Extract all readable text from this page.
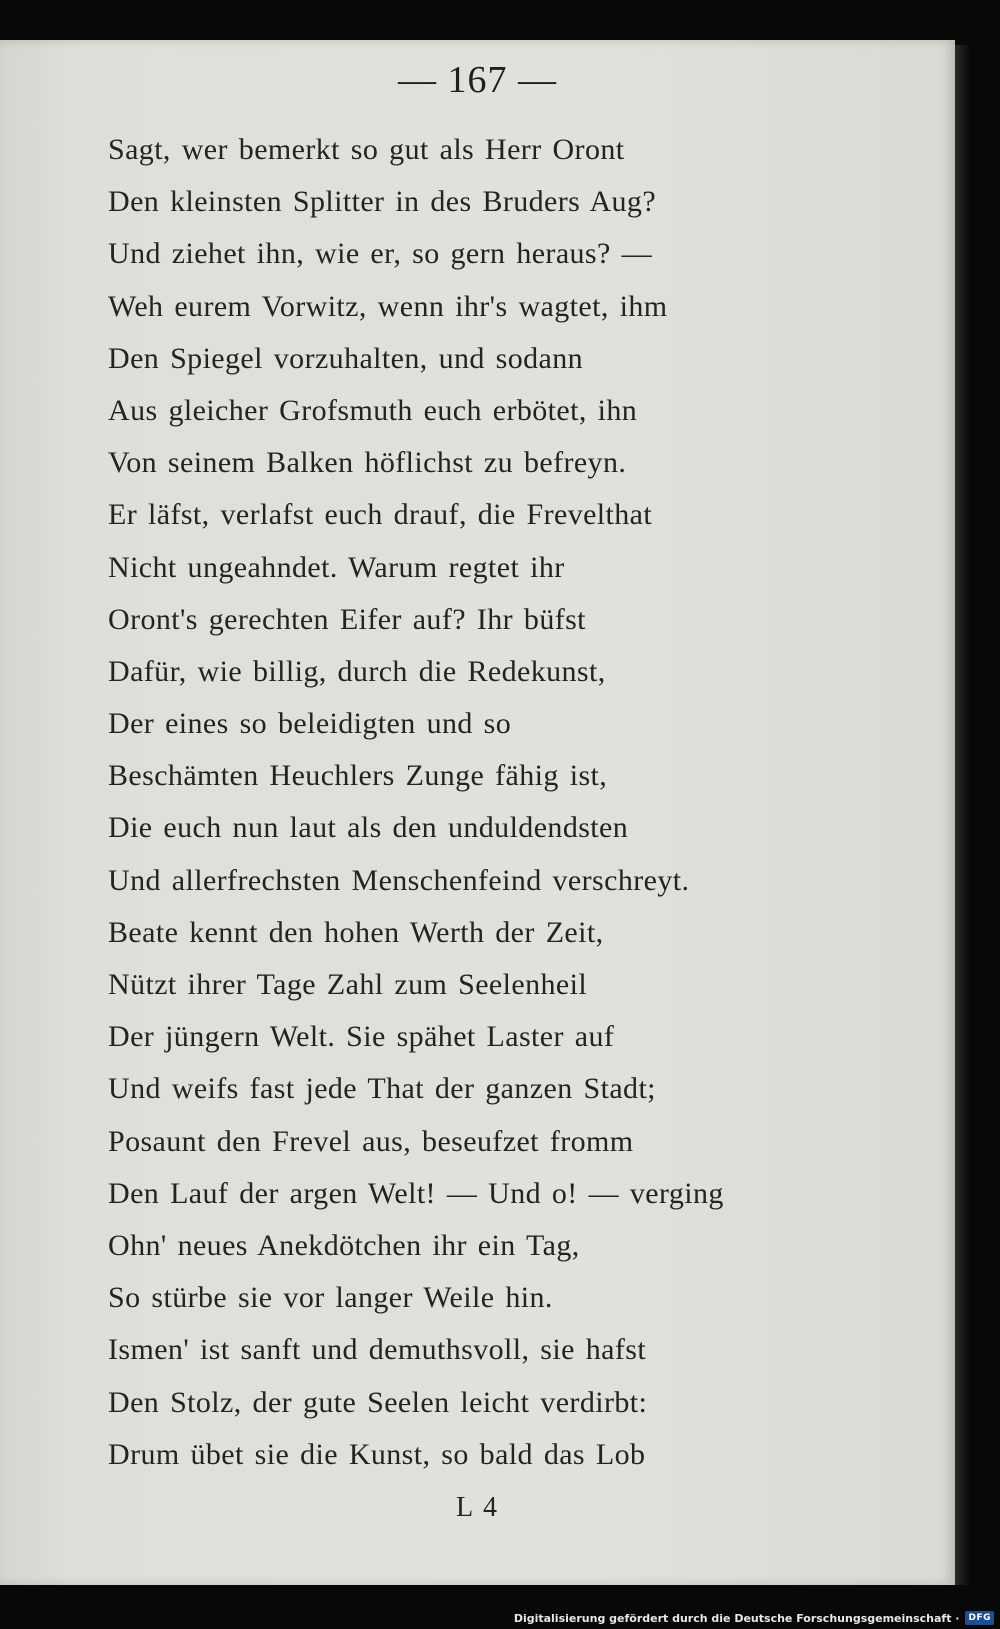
— 167 —
Sagt, wer bemerkt so gut als Herr Oront
Den kleinsten Splitter in des Bruders Aug?
Und ziehet ihn, wie er, so gern heraus? —
Weh eurem Vorwitz, wenn ihr's wagtet, ihm
Den Spiegel vorzuhalten, und sodann
Aus gleicher Grofsmuth euch erbötet, ihn
Von seinem Balken höflichst zu befreyn.
Er läfst, verlafst euch drauf, die Frevelthat
Nicht ungeahndet. Warum regtet ihr
Oront's gerechten Eifer auf? Ihr büfst
Dafür, wie billig, durch die Redekunst,
Der eines so beleidigten und so
Beschämten Heuchlers Zunge fähig ist,
Die euch nun laut als den unduldendsten
Und allerfrechsten Menschenfeind verschreyt.
Beate kennt den hohen Werth der Zeit,
Nützt ihrer Tage Zahl zum Seelenheil
Der jüngern Welt. Sie spähet Laster auf
Und weifs fast jede That der ganzen Stadt;
Posaunt den Frevel aus, beseufzet fromm
Den Lauf der argen Welt! — Und o! — verging
Ohn' neues Anekdötchen ihr ein Tag,
So stürbe sie vor langer Weile hin.
Ismen' ist sanft und demuthsvoll, sie hafst
Den Stolz, der gute Seelen leicht verdirbt:
Drum übet sie die Kunst, so bald das Lob
L 4
Digitalisierung gefördert durch die Deutsche Forschungsgemeinschaft ·	DFG
